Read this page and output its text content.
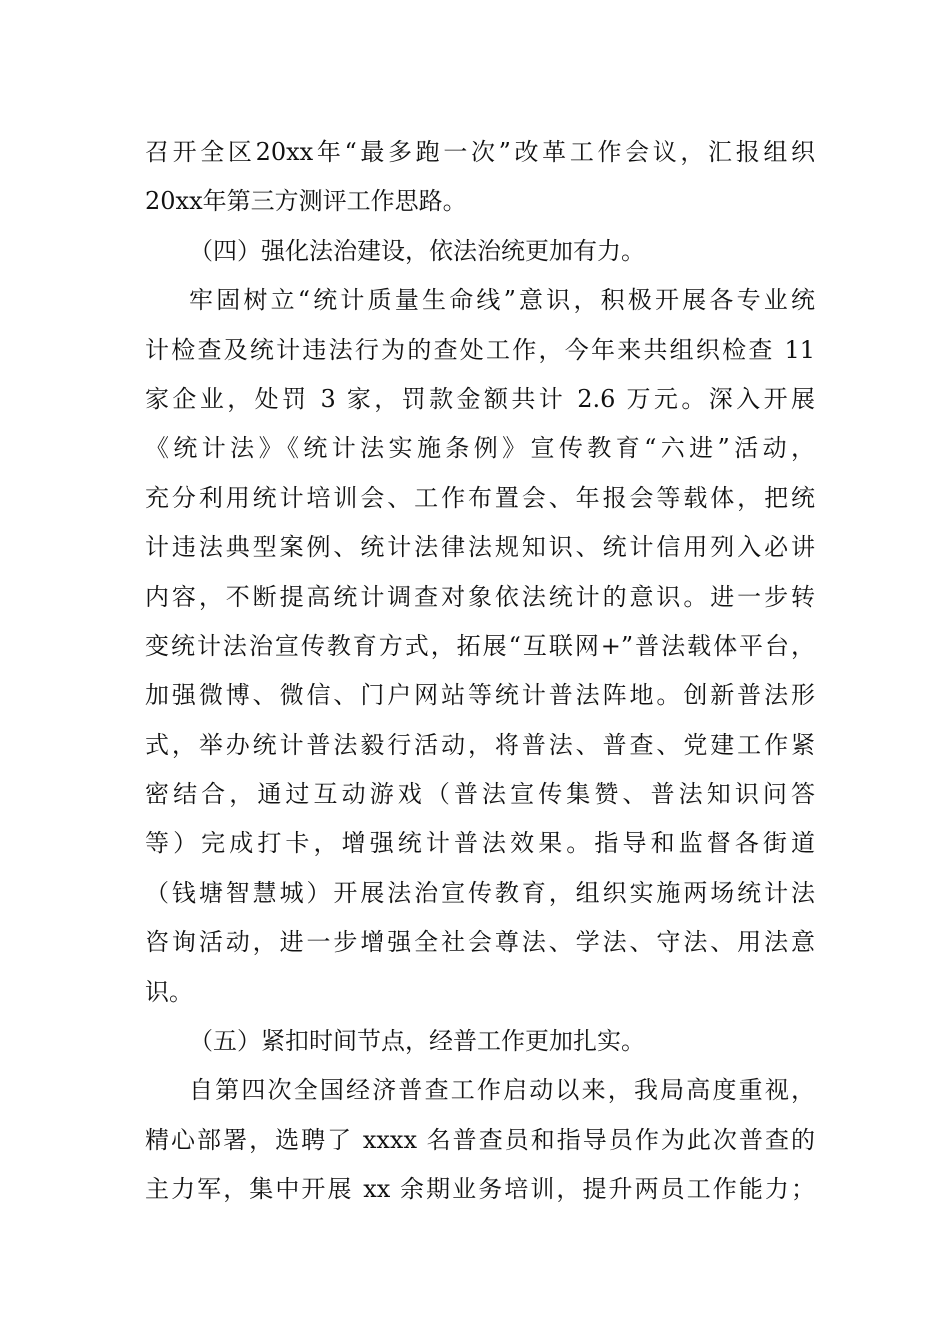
召开全区20xx年“最多跑一次”改革工作会议，汇报组织
20xx年第三方测评工作思路。
（四）强化法治建设，依法治统更加有力。
牢固树立“统计质量生命线”意识，积极开展各专业统
计检查及统计违法行为的查处工作，今年来共组织检查 11
家企业，处罚 3 家，罚款金额共计 2.6 万元。深入开展
《统计法》《统计法实施条例》宣传教育“六进”活动，
充分利用统计培训会、工作布置会、年报会等载体，把统
计违法典型案例、统计法律法规知识、统计信用列入必讲
内容，不断提高统计调查对象依法统计的意识。进一步转
变统计法治宣传教育方式，拓展“互联网+”普法载体平台，
加强微博、微信、门户网站等统计普法阵地。创新普法形
式，举办统计普法毅行活动，将普法、普查、党建工作紧
密结合，通过互动游戏（普法宣传集赞、普法知识问答
等）完成打卡，增强统计普法效果。指导和监督各街道
（钱塘智慧城）开展法治宣传教育，组织实施两场统计法
咨询活动，进一步增强全社会尊法、学法、守法、用法意
识。
（五）紧扣时间节点，经普工作更加扎实。
自第四次全国经济普查工作启动以来，我局高度重视，
精心部署，选聘了 xxxx 名普查员和指导员作为此次普查的
主力军，集中开展 xx 余期业务培训，提升两员工作能力；
